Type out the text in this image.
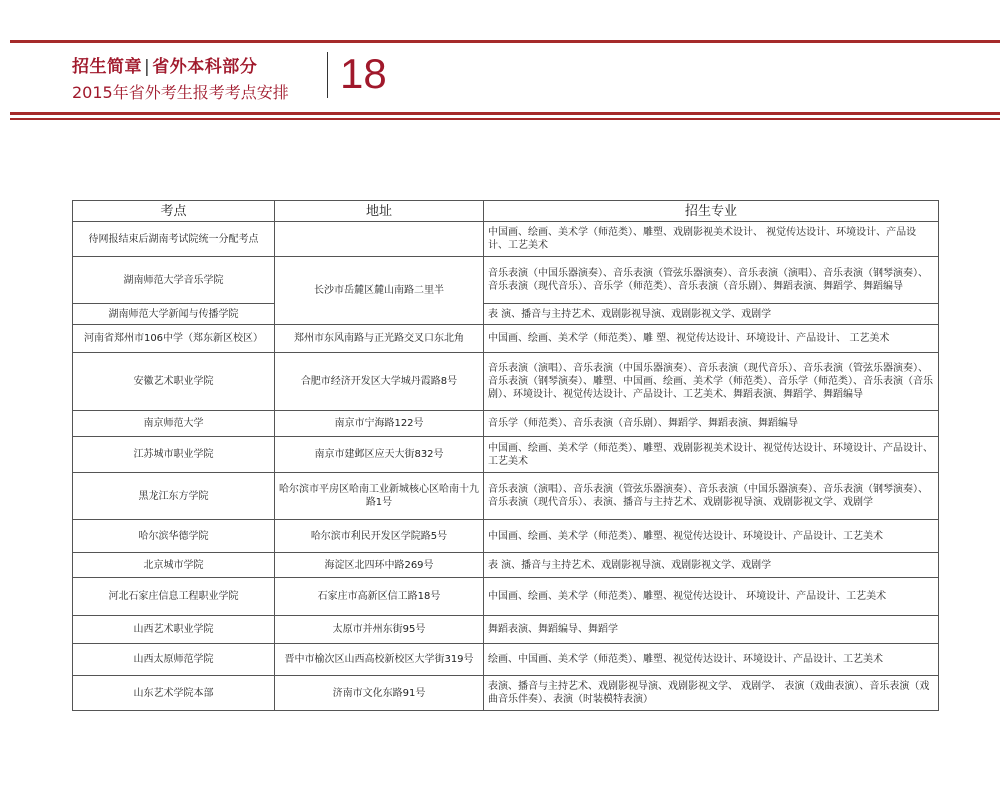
招生简章 | 省外本科部分
2015年省外考生报考考点安排 18
考点	地址	招生专业
待网报结束后湖南考试院统一分配考点		中国画、绘画、美术学（师范类）、雕塑、戏剧影视美术设计、 视觉传达设计、环境设计、产品设计、工艺美术
湖南师范大学音乐学院	长沙市岳麓区麓山南路二里半	音乐表演（中国乐器演奏）、音乐表演（管弦乐器演奏）、音乐表演（演唱）、音乐表演（钢琴演奏）、音乐表演（现代音乐）、音乐学（师范类）、音乐表演（音乐剧）、舞蹈表演、舞蹈学、舞蹈编导
湖南师范大学新闻与传播学院		表 演、播音与主持艺术、戏剧影视导演、戏剧影视文学、戏剧学
河南省郑州市106中学（郑东新区校区）	郑州市东风南路与正光路交叉口东北角	中国画、绘画、美术学（师范类）、雕 塑、视觉传达设计、环境设计、产品设计、 工艺美术
安徽艺术职业学院	合肥市经济开发区大学城丹霞路8号	音乐表演（演唱）、音乐表演（中国乐器演奏）、音乐表演（现代音乐）、音乐表演（管弦乐器演奏）、音乐表演（钢琴演奏）、雕塑、中国画、绘画、美术学（师范类）、音乐学（师范类）、音乐表演（音乐剧）、环境设计、视觉传达设计、产品设计、工艺美术、舞蹈表演、舞蹈学、舞蹈编导
南京师范大学	南京市宁海路122号	音乐学（师范类）、音乐表演（音乐剧）、舞蹈学、舞蹈表演、舞蹈编导
江苏城市职业学院	南京市建邺区应天大街832号	中国画、绘画、美术学（师范类）、雕塑、戏剧影视美术设计、视觉传达设计、环境设计、产品设计、工艺美术
黑龙江东方学院	哈尔滨市平房区哈南工业新城核心区哈南十九路1号	音乐表演（演唱）、音乐表演（管弦乐器演奏）、音乐表演（中国乐器演奏）、音乐表演（钢琴演奏）、音乐表演（现代音乐）、表演、播音与主持艺术、戏剧影视导演、戏剧影视文学、戏剧学
哈尔滨华德学院	哈尔滨市利民开发区学院路5号	中国画、绘画、美术学（师范类）、雕塑、视觉传达设计、环境设计、产品设计、工艺美术
北京城市学院	海淀区北四环中路269号	表 演、播音与主持艺术、戏剧影视导演、戏剧影视文学、戏剧学
河北石家庄信息工程职业学院	石家庄市高新区信工路18号	中国画、绘画、美术学（师范类）、雕塑、视觉传达设计、 环境设计、产品设计、工艺美术
山西艺术职业学院	太原市并州东街95号	舞蹈表演、舞蹈编导、舞蹈学
山西太原师范学院	晋中市榆次区山西高校新校区大学街319号	绘画、中国画、美术学（师范类）、雕塑、视觉传达设计、环境设计、产品设计、工艺美术
山东艺术学院本部	济南市文化东路91号	表演、播音与主持艺术、戏剧影视导演、戏剧影视文学、 戏剧学、 表演（戏曲表演）、音乐表演（戏曲音乐伴奏）、表演（时装模特表演）
